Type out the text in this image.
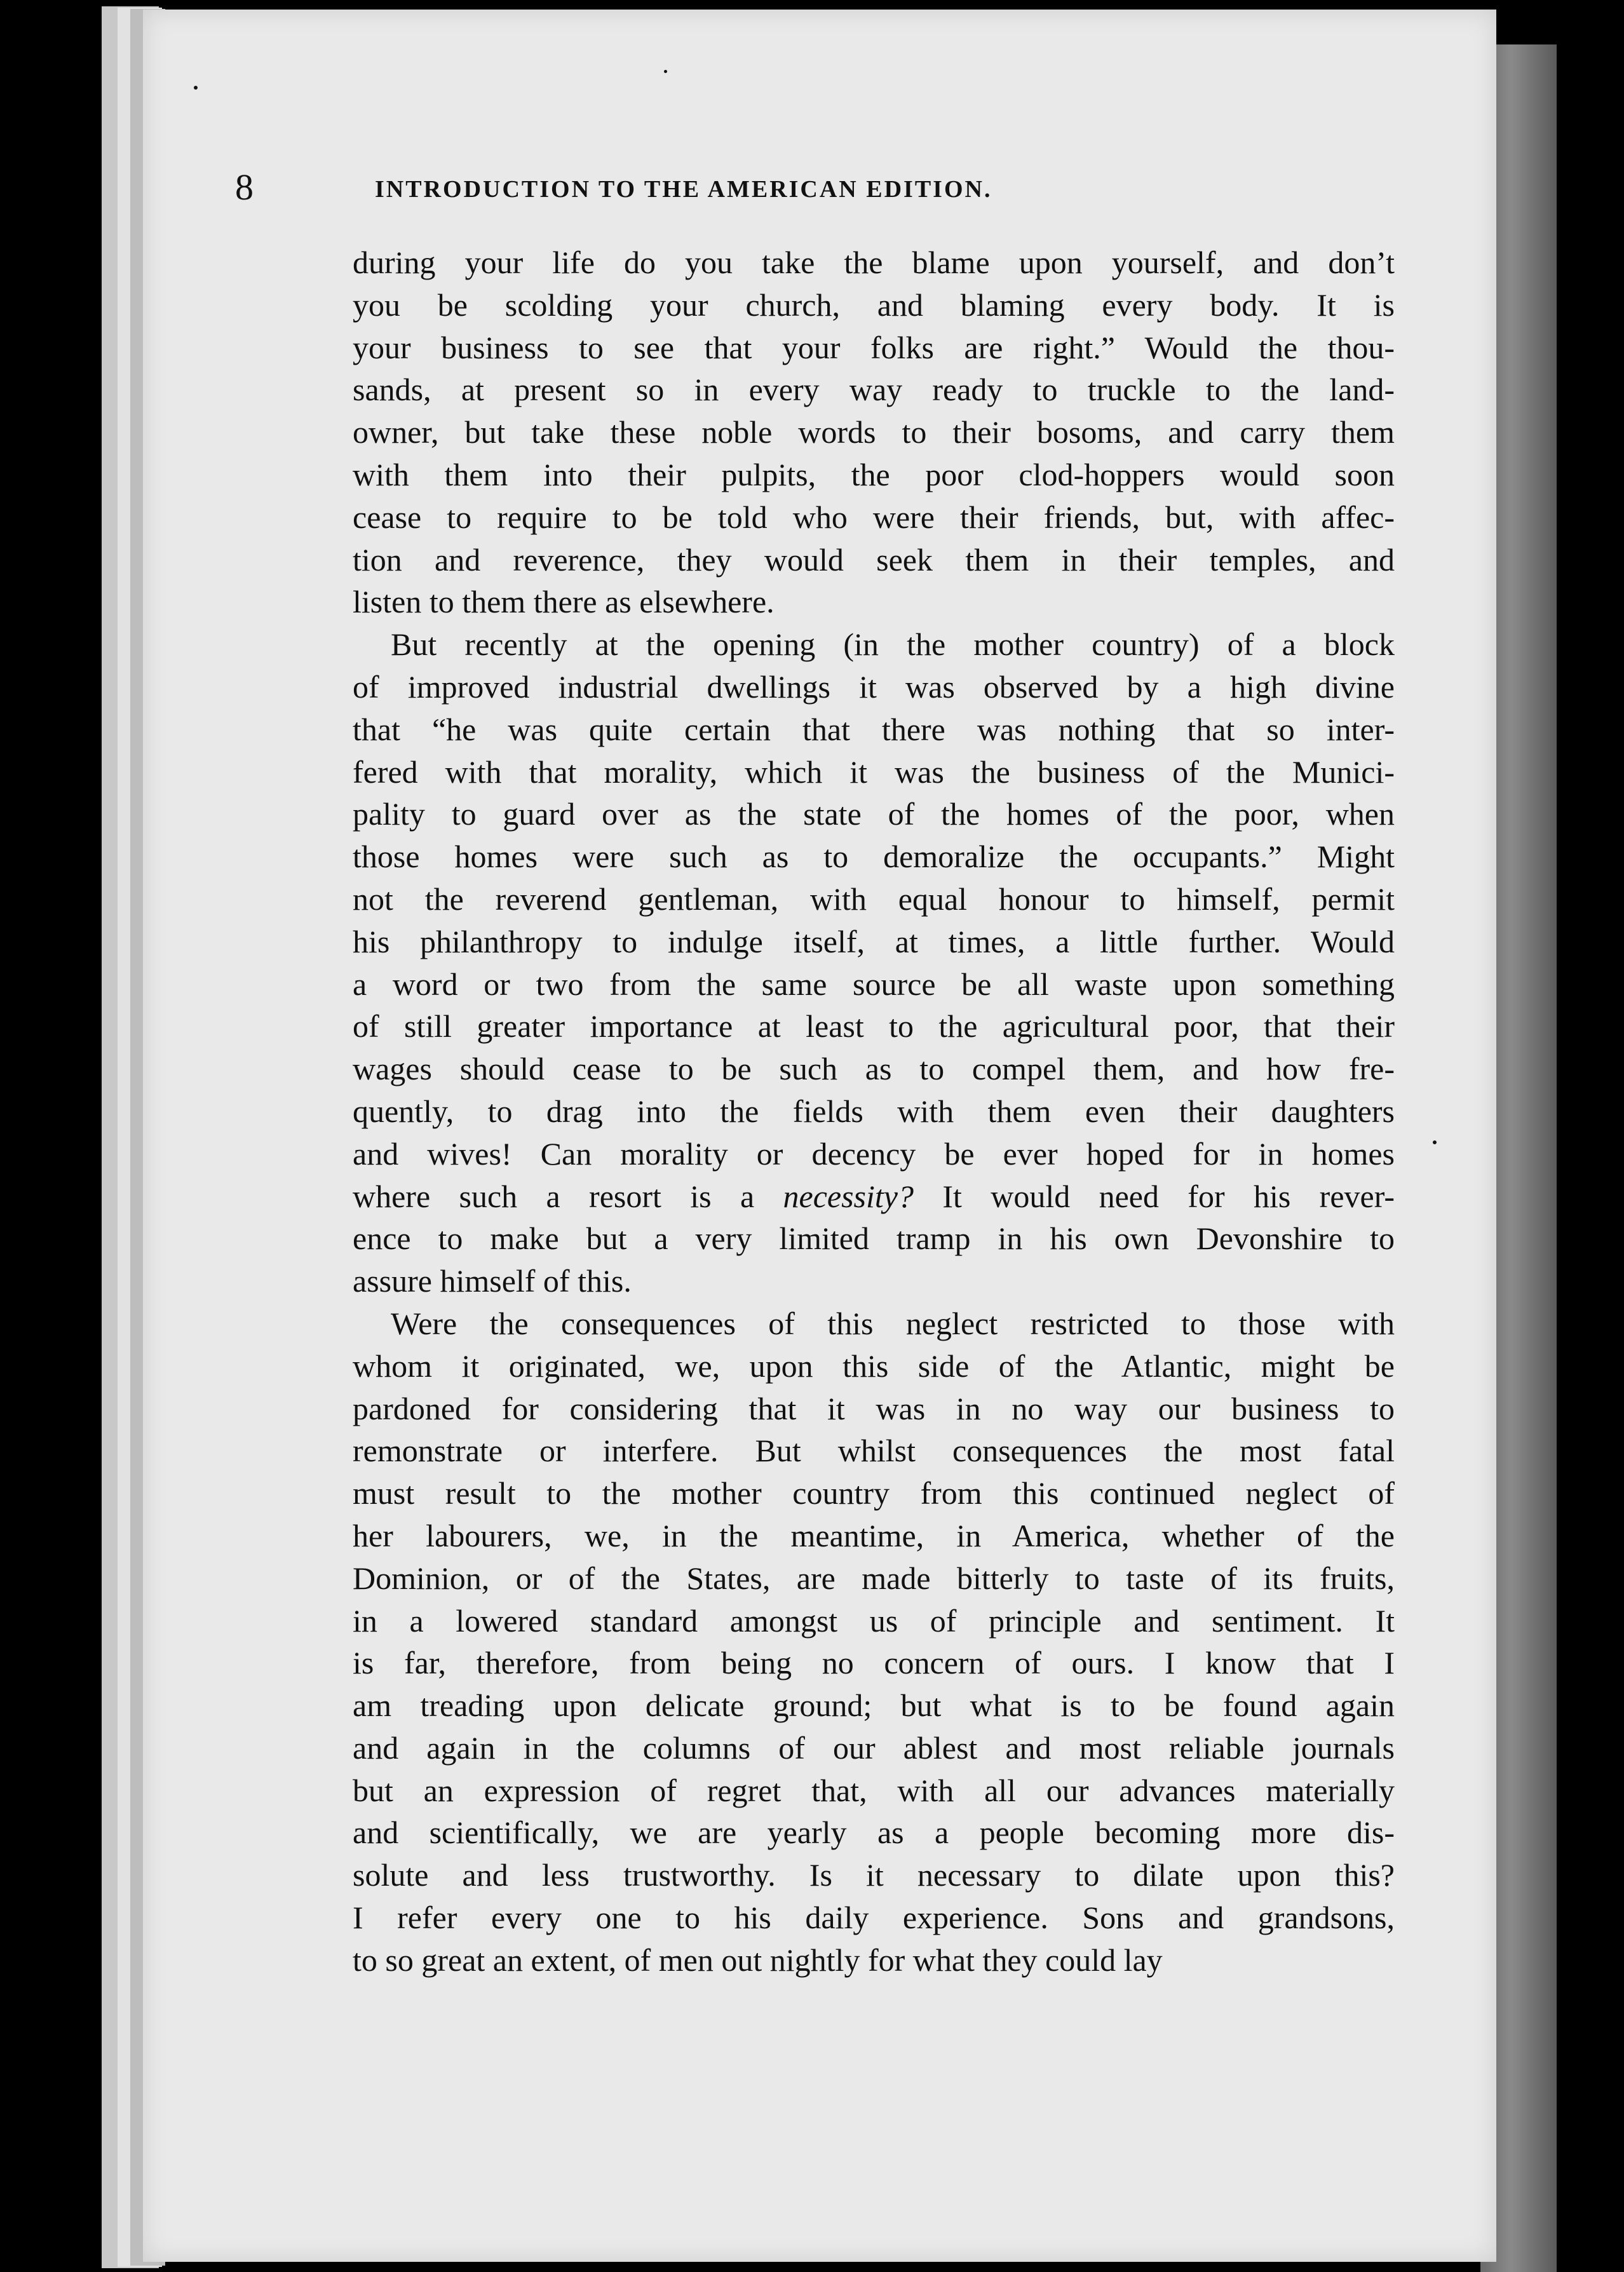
8	INTRODUCTION TO THE AMERICAN EDITION.
during your life do you take the blame upon yourself, and don’t
you be scolding your church, and blaming every body. It is
your business to see that your folks are right.” Would the thou-
sands, at present so in every way ready to truckle to the land-
owner, but take these noble words to their bosoms, and carry them
with them into their pulpits, the poor clod-hoppers would soon
cease to require to be told who were their friends, but, with affec-
tion and reverence, they would seek them in their temples, and
listen to them there as elsewhere.
But recently at the opening (in the mother country) of a block
of improved industrial dwellings it was observed by a high divine
that “he was quite certain that there was nothing that so inter-
fered with that morality, which it was the business of the Munici-
pality to guard over as the state of the homes of the poor, when
those homes were such as to demoralize the occupants.” Might
not the reverend gentleman, with equal honour to himself, permit
his philanthropy to indulge itself, at times, a little further. Would
a word or two from the same source be all waste upon something
of still greater importance at least to the agricultural poor, that their
wages should cease to be such as to compel them, and how fre-
quently, to drag into the fields with them even their daughters
and wives! Can morality or decency be ever hoped for in homes
where such a resort is a necessity? It would need for his rever-
ence to make but a very limited tramp in his own Devonshire to
assure himself of this.
Were the consequences of this neglect restricted to those with
whom it originated, we, upon this side of the Atlantic, might be
pardoned for considering that it was in no way our business to
remonstrate or interfere. But whilst consequences the most fatal
must result to the mother country from this continued neglect of
her labourers, we, in the meantime, in America, whether of the
Dominion, or of the States, are made bitterly to taste of its fruits,
in a lowered standard amongst us of principle and sentiment. It
is far, therefore, from being no concern of ours. I know that I
am treading upon delicate ground; but what is to be found again
and again in the columns of our ablest and most reliable journals
but an expression of regret that, with all our advances materially
and scientifically, we are yearly as a people becoming more dis-
solute and less trustworthy. Is it necessary to dilate upon this?
I refer every one to his daily experience. Sons and grandsons,
to so great an extent, of men out nightly for what they could lay
